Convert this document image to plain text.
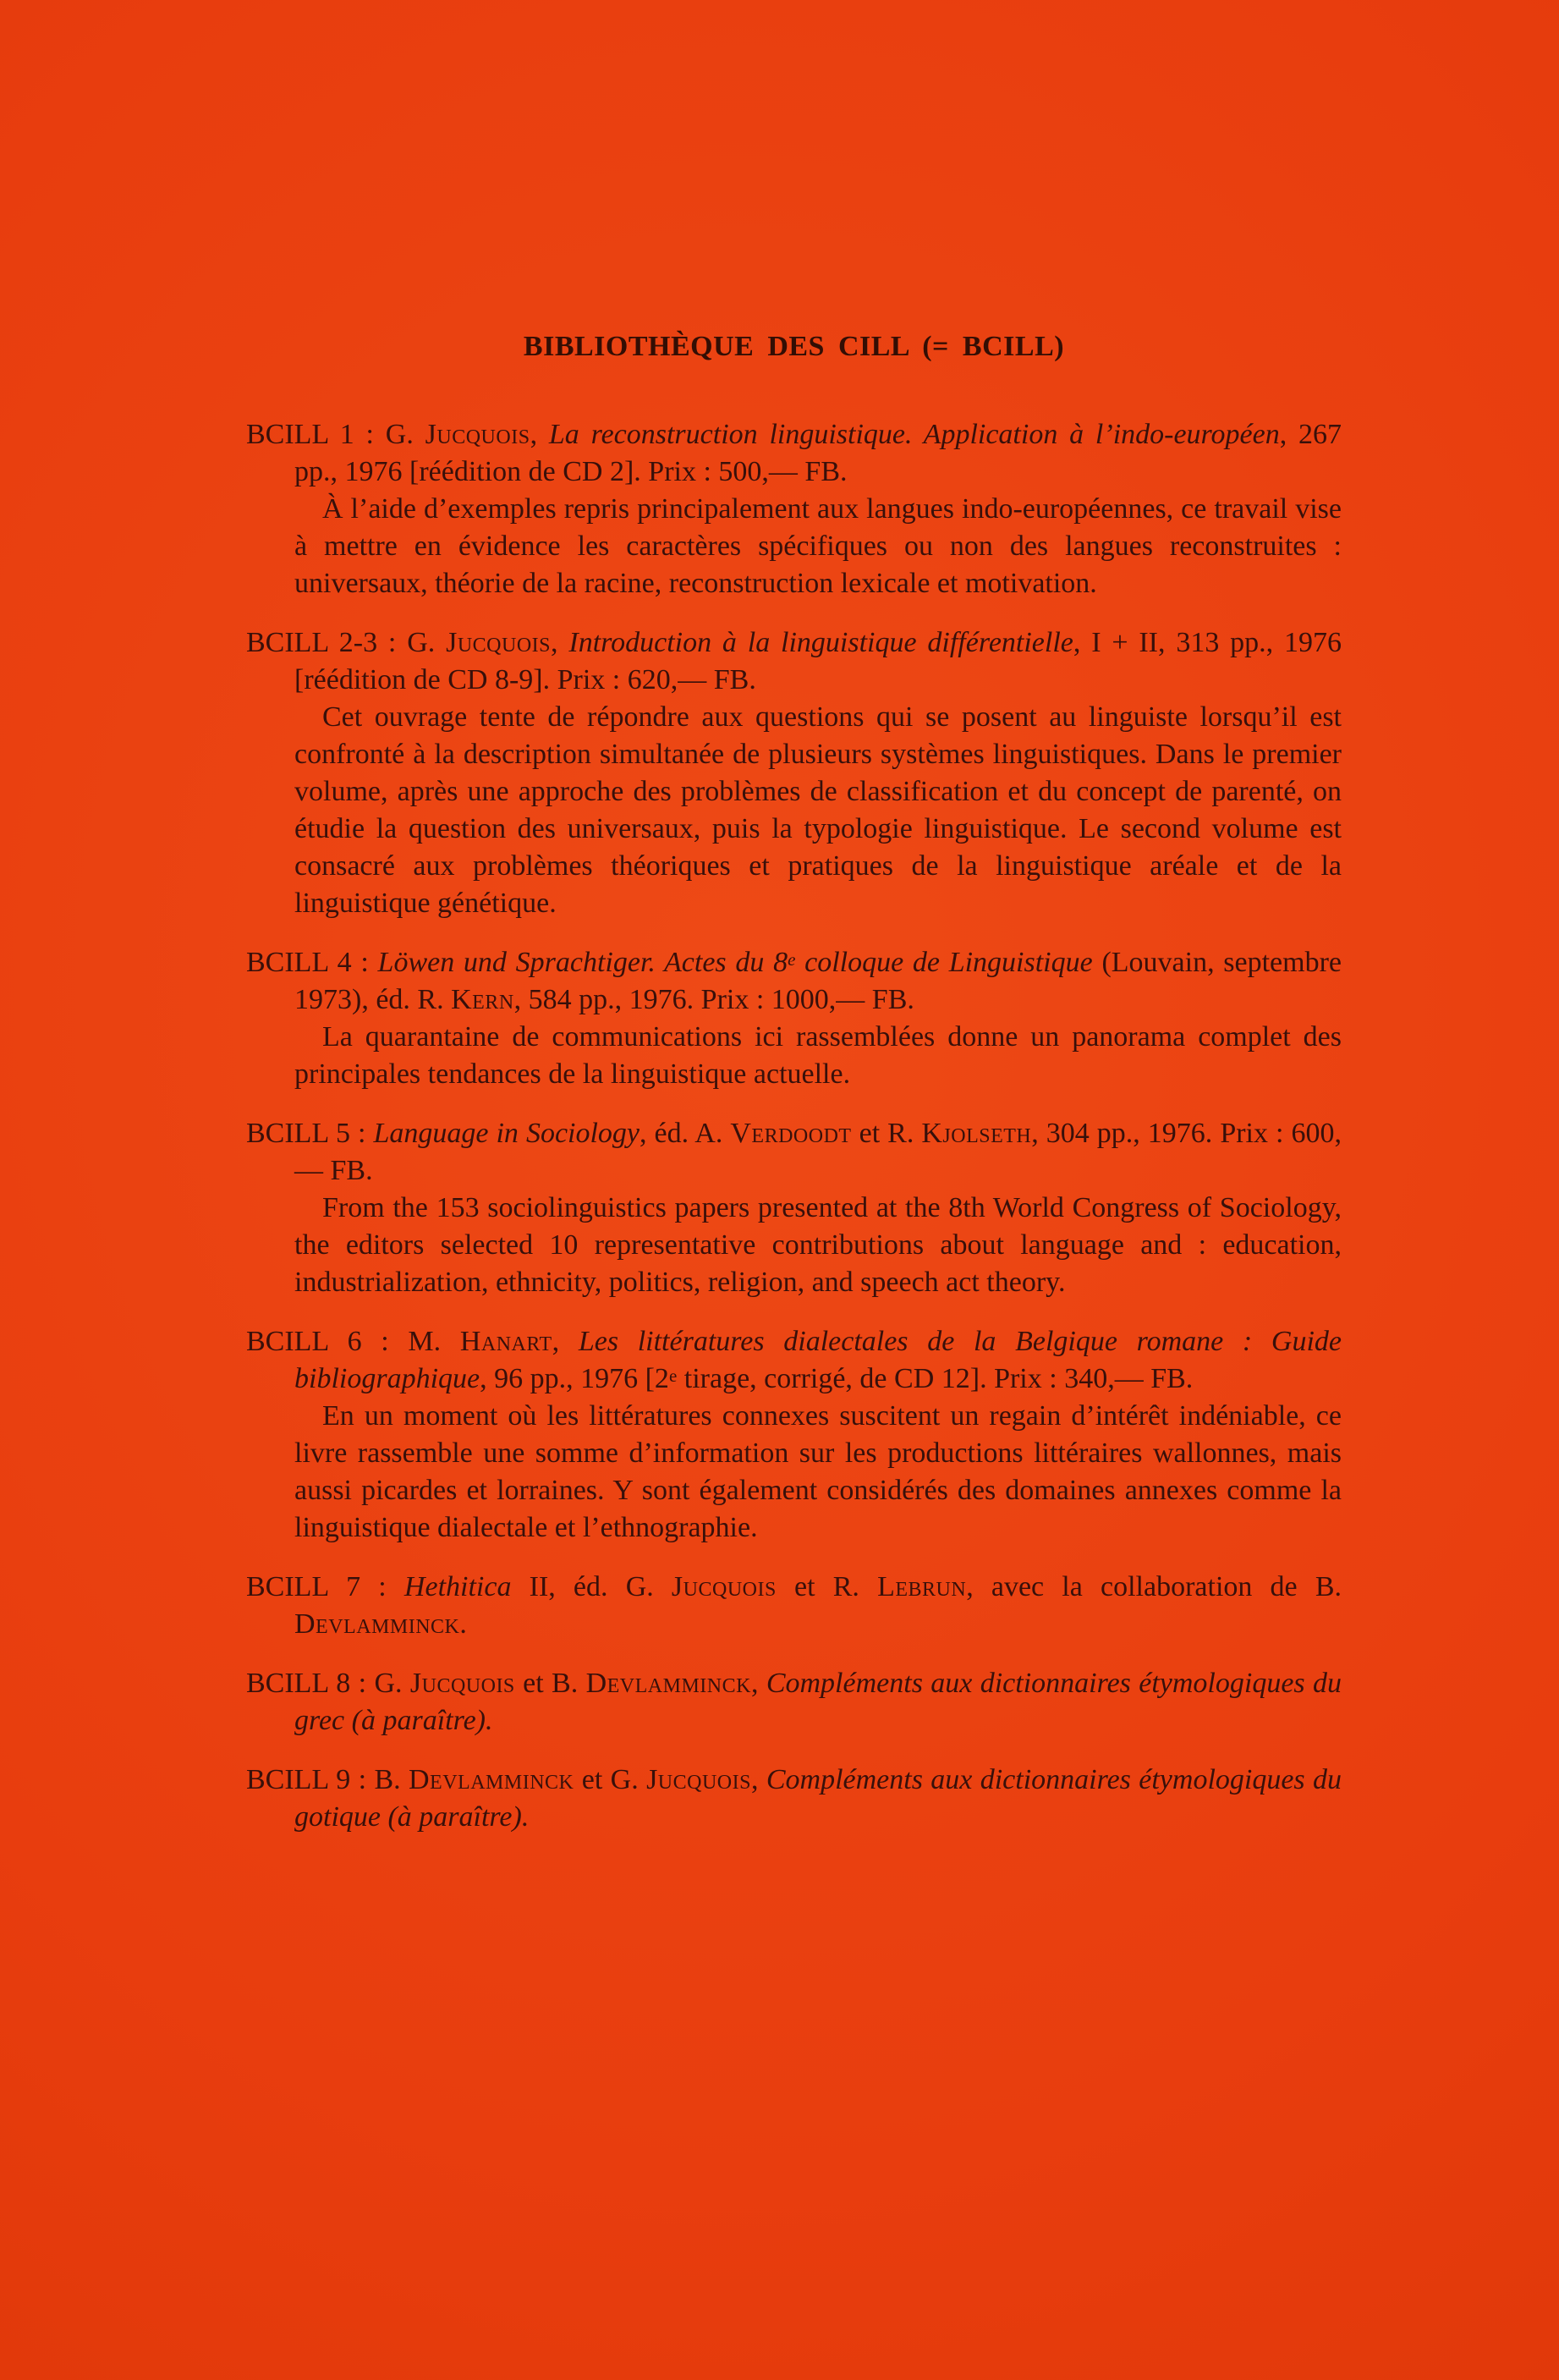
BIBLIOTHÈQUE DES CILL (= BCILL)

BCILL 1 : G. Jucquois, La reconstruction linguistique. Application à l’indo-européen, 267 pp., 1976 [réédition de CD 2]. Prix : 500,— FB.

À l’aide d’exemples repris principalement aux langues indo-européennes, ce travail vise à mettre en évidence les caractères spécifiques ou non des langues reconstruites : universaux, théorie de la racine, reconstruction lexicale et motivation.

BCILL 2-3 : G. Jucquois, Introduction à la linguistique différentielle, I + II, 313 pp., 1976 [réédition de CD 8-9]. Prix : 620,— FB.

Cet ouvrage tente de répondre aux questions qui se posent au linguiste lorsqu’il est confronté à la description simultanée de plusieurs systèmes linguistiques. Dans le premier volume, après une approche des problèmes de classification et du concept de parenté, on étudie la question des universaux, puis la typologie linguistique. Le second volume est consacré aux problèmes théoriques et pratiques de la linguistique aréale et de la linguistique génétique.

BCILL 4 : Löwen und Sprachtiger. Actes du 8e colloque de Linguistique (Louvain, septembre 1973), éd. R. Kern, 584 pp., 1976. Prix : 1000,— FB.

La quarantaine de communications ici rassemblées donne un panorama complet des principales tendances de la linguistique actuelle.

BCILL 5 : Language in Sociology, éd. A. Verdoodt et R. Kjolseth, 304 pp., 1976. Prix : 600,— FB.

From the 153 sociolinguistics papers presented at the 8th World Congress of Sociology, the editors selected 10 representative contributions about language and : education, industrialization, ethnicity, politics, religion, and speech act theory.

BCILL 6 : M. Hanart, Les littératures dialectales de la Belgique romane : Guide bibliographique, 96 pp., 1976 [2e tirage, corrigé, de CD 12]. Prix : 340,— FB.

En un moment où les littératures connexes suscitent un regain d’intérêt indéniable, ce livre rassemble une somme d’information sur les productions littéraires wallonnes, mais aussi picardes et lorraines. Y sont également considérés des domaines annexes comme la linguistique dialectale et l’ethnographie.

BCILL 7 : Hethitica II, éd. G. Jucquois et R. Lebrun, avec la collaboration de B. Devlamminck.

BCILL 8 : G. Jucquois et B. Devlamminck, Compléments aux dictionnaires étymologiques du grec (à paraître).

BCILL 9 : B. Devlamminck et G. Jucquois, Compléments aux dictionnaires étymologiques du gotique (à paraître).
